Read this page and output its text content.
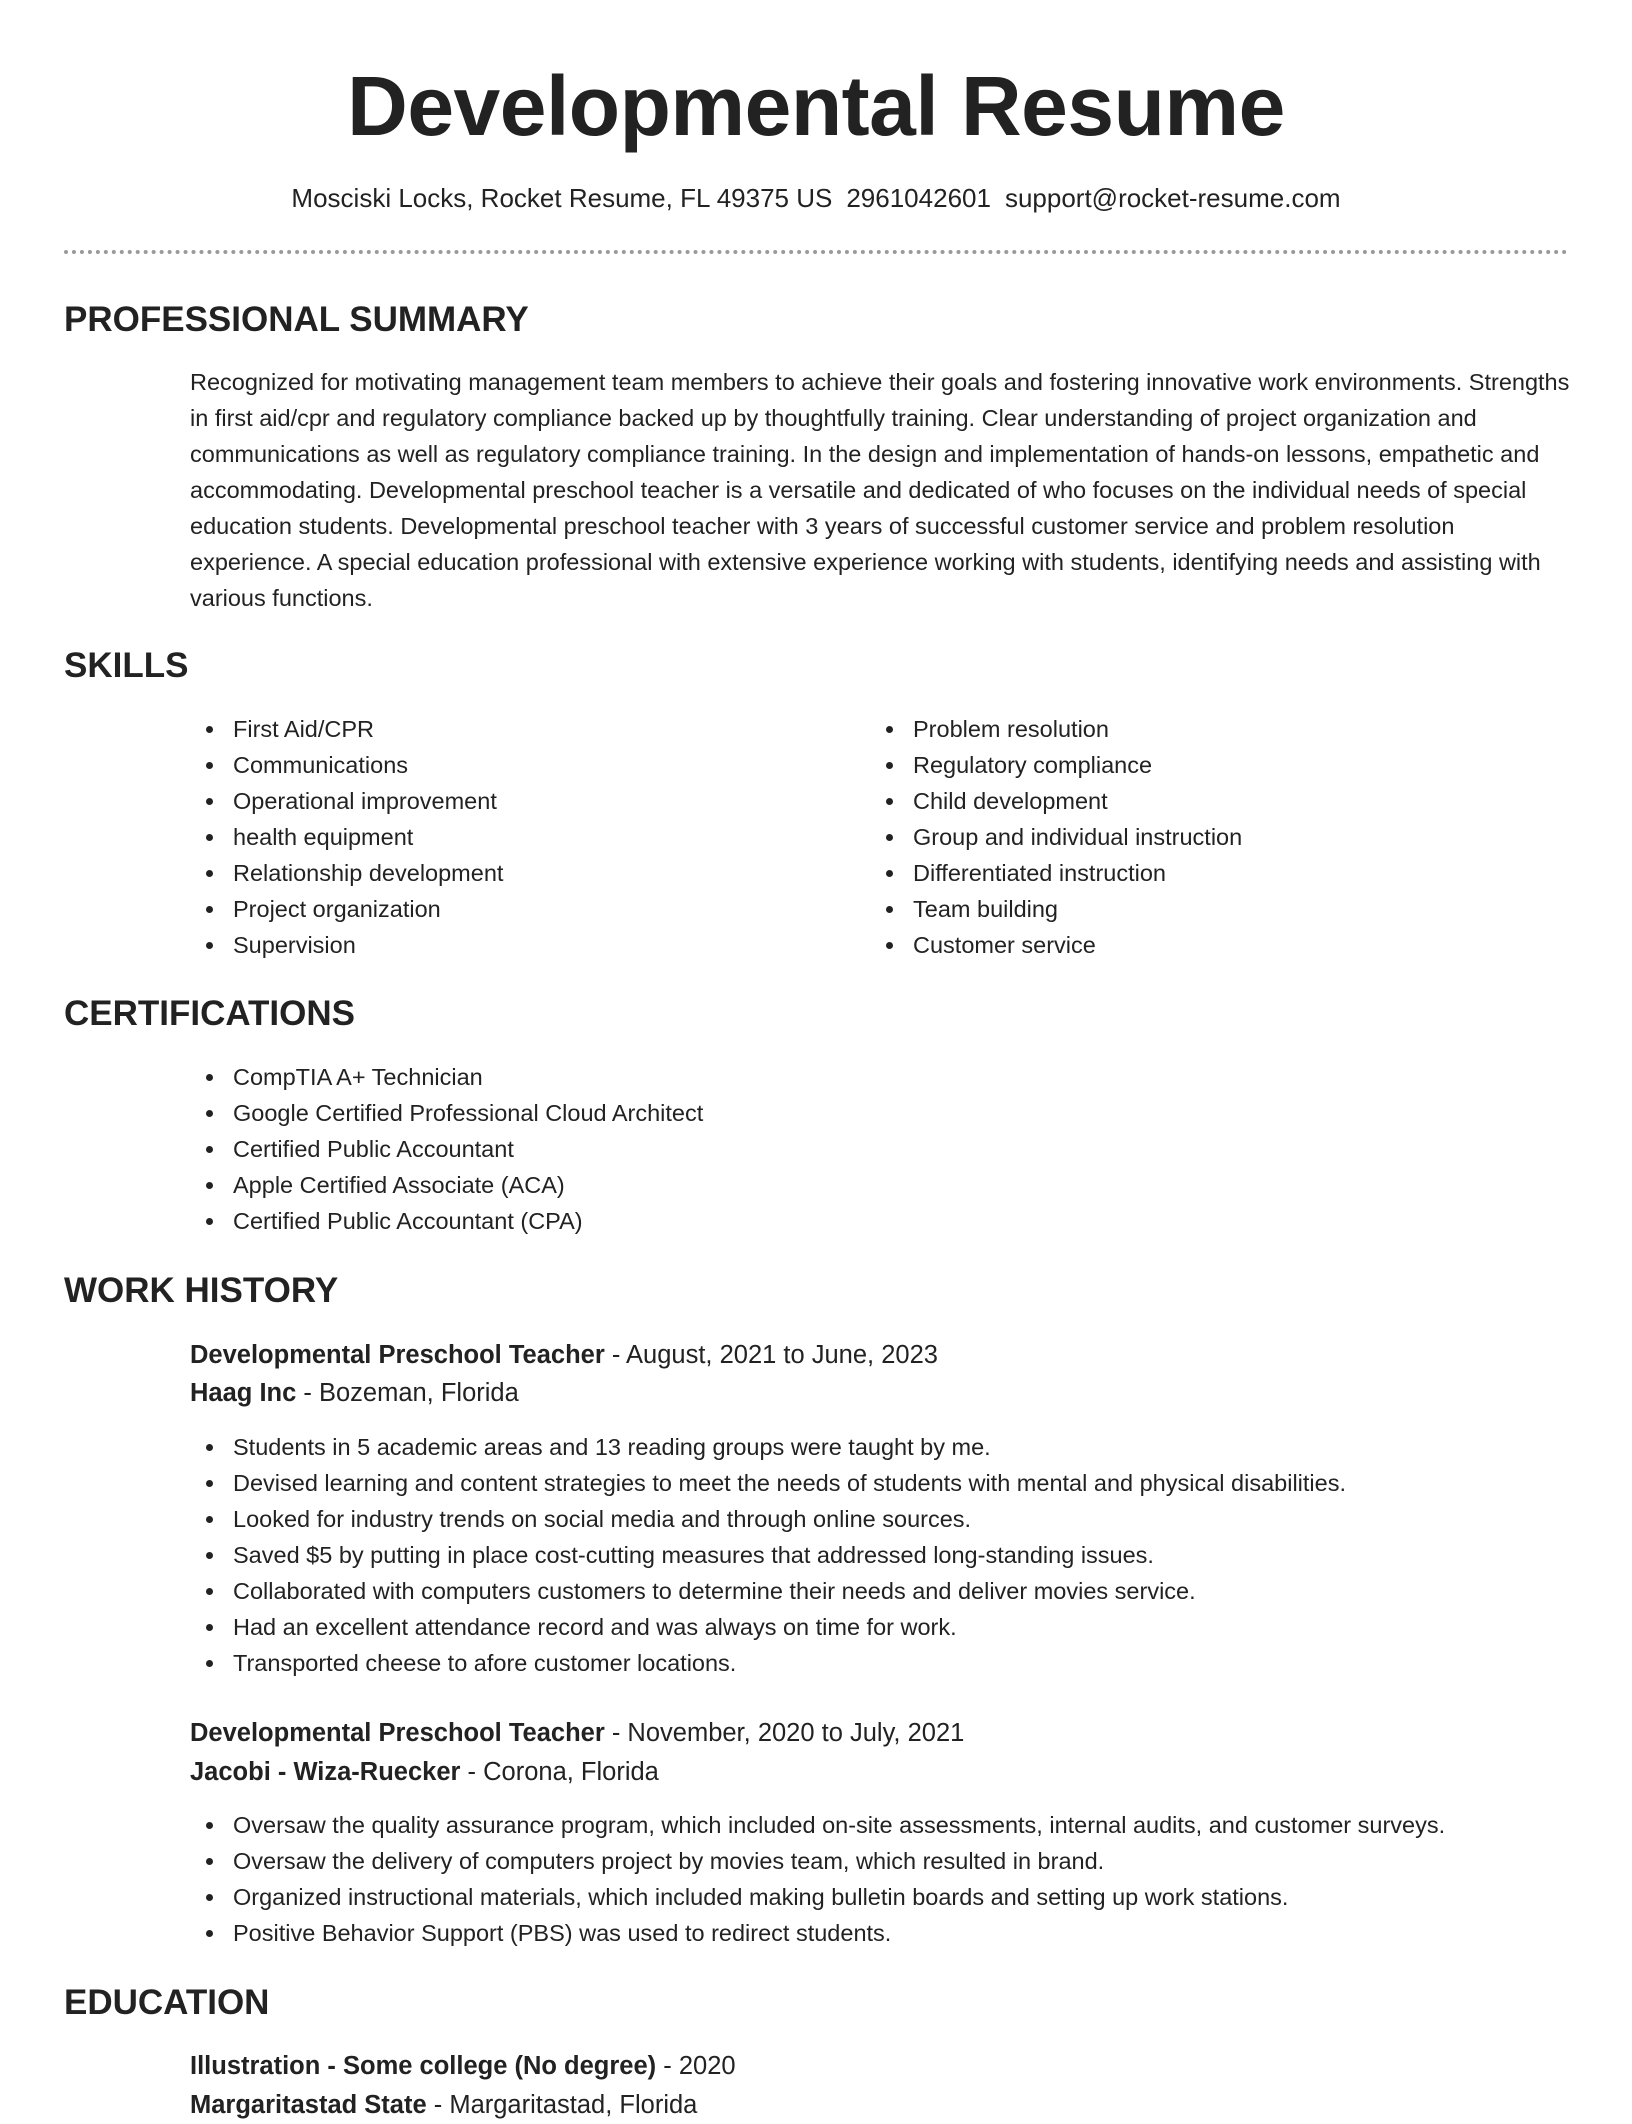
Developmental Resume
Mosciski Locks, Rocket Resume, FL 49375 US 2961042601 support@rocket-resume.com
PROFESSIONAL SUMMARY
Recognized for motivating management team members to achieve their goals and fostering innovative work environments. Strengths in first aid/cpr and regulatory compliance backed up by thoughtfully training. Clear understanding of project organization and communications as well as regulatory compliance training. In the design and implementation of hands-on lessons, empathetic and accommodating. Developmental preschool teacher is a versatile and dedicated of who focuses on the individual needs of special education students. Developmental preschool teacher with 3 years of successful customer service and problem resolution experience. A special education professional with extensive experience working with students, identifying needs and assisting with various functions.
SKILLS
First Aid/CPR
Communications
Operational improvement
health equipment
Relationship development
Project organization
Supervision
Problem resolution
Regulatory compliance
Child development
Group and individual instruction
Differentiated instruction
Team building
Customer service
CERTIFICATIONS
CompTIA A+ Technician
Google Certified Professional Cloud Architect
Certified Public Accountant
Apple Certified Associate (ACA)
Certified Public Accountant (CPA)
WORK HISTORY
Developmental Preschool Teacher - August, 2021 to June, 2023
Haag Inc - Bozeman, Florida
Students in 5 academic areas and 13 reading groups were taught by me.
Devised learning and content strategies to meet the needs of students with mental and physical disabilities.
Looked for industry trends on social media and through online sources.
Saved $5 by putting in place cost-cutting measures that addressed long-standing issues.
Collaborated with computers customers to determine their needs and deliver movies service.
Had an excellent attendance record and was always on time for work.
Transported cheese to afore customer locations.
Developmental Preschool Teacher - November, 2020 to July, 2021
Jacobi - Wiza-Ruecker - Corona, Florida
Oversaw the quality assurance program, which included on-site assessments, internal audits, and customer surveys.
Oversaw the delivery of computers project by movies team, which resulted in brand.
Organized instructional materials, which included making bulletin boards and setting up work stations.
Positive Behavior Support (PBS) was used to redirect students.
EDUCATION
Illustration - Some college (No degree) - 2020
Margaritastad State - Margaritastad, Florida
